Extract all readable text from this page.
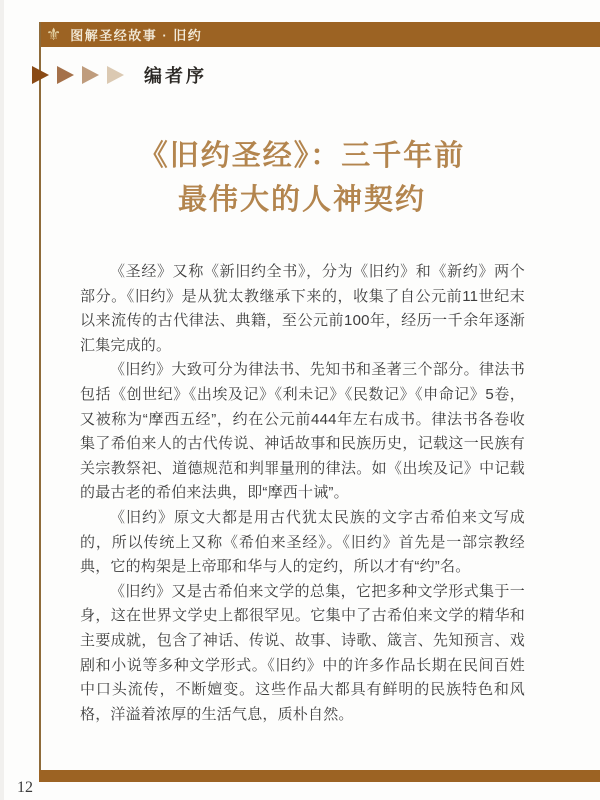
⚜ 图解圣经故事 · 旧约
编者序
《旧约圣经》：三千年前
最伟大的人神契约

《圣经》又称《新旧约全书》，分为《旧约》和《新约》两个部分。《旧约》是从犹太教继承下来的，收集了自公元前11世纪末以来流传的古代律法、典籍，至公元前100年，经历一千余年逐渐汇集完成的。

《旧约》大致可分为律法书、先知书和圣著三个部分。律法书包括《创世纪》《出埃及记》《利未记》《民数记》《申命记》5卷，又被称为“摩西五经”，约在公元前444年左右成书。律法书各卷收集了希伯来人的古代传说、神话故事和民族历史，记载这一民族有关宗教祭祀、道德规范和判罪量刑的律法。如《出埃及记》中记载的最古老的希伯来法典，即“摩西十诫”。

《旧约》原文大都是用古代犹太民族的文字古希伯来文写成的，所以传统上又称《希伯来圣经》。《旧约》首先是一部宗教经典，它的构架是上帝耶和华与人的定约，所以才有“约”名。

《旧约》又是古希伯来文学的总集，它把多种文学形式集于一身，这在世界文学史上都很罕见。它集中了古希伯来文学的精华和主要成就，包含了神话、传说、故事、诗歌、箴言、先知预言、戏剧和小说等多种文学形式。《旧约》中的许多作品长期在民间百姓中口头流传，不断嬗变。这些作品大都具有鲜明的民族特色和风格，洋溢着浓厚的生活气息，质朴自然。

12
